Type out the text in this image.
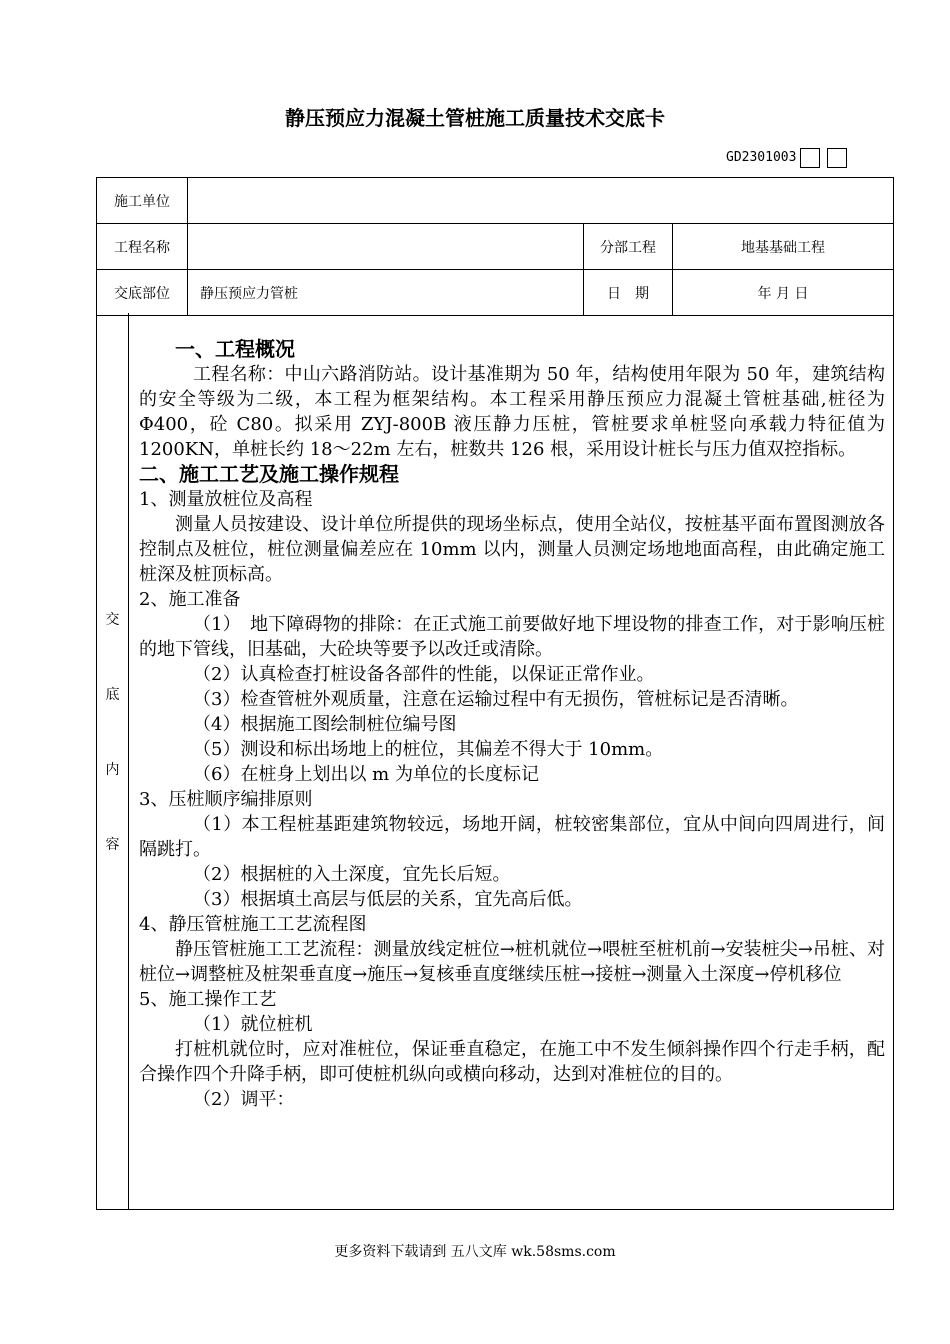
静压预应力混凝土管桩施工质量技术交底卡
GD2301003
施工单位			
工程名称		分部工程	地基基础工程
交底部位	静压预应力管桩	日　期	年 月 日
交
底
内
容

一、工程概况

工程名称：中山六路消防站。设计基准期为 50 年，结构使用年限为 50 年，建筑结构的安全等级为二级，本工程为框架结构。本工程采用静压预应力混凝土管桩基础,桩径为 Φ400，砼 C80。拟采用 ZYJ-800B 液压静力压桩，管桩要求单桩竖向承载力特征值为 1200KN，单桩长约 18～22m 左右，桩数共 126 根，采用设计桩长与压力值双控指标。

二、施工工艺及施工操作规程

1、测量放桩位及高程

测量人员按建设、设计单位所提供的现场坐标点，使用全站仪，按桩基平面布置图测放各控制点及桩位，桩位测量偏差应在 10mm 以内，测量人员测定场地地面高程，由此确定施工桩深及桩顶标高。

2、施工准备

（1）　地下障碍物的排除：在正式施工前要做好地下埋设物的排查工作，对于影响压桩的地下管线，旧基础，大砼块等要予以改迁或清除。

（2）认真检查打桩设备各部件的性能，以保证正常作业。

（3）检查管桩外观质量，注意在运输过程中有无损伤，管桩标记是否清晰。

（4）根据施工图绘制桩位编号图

（5）测设和标出场地上的桩位，其偏差不得大于 10mm。

（6）在桩身上划出以 m 为单位的长度标记

3、压桩顺序编排原则

（1）本工程桩基距建筑物较远，场地开阔，桩较密集部位，宜从中间向四周进行，间隔跳打。

（2）根据桩的入土深度，宜先长后短。

（3）根据填土高层与低层的关系，宜先高后低。

4、静压管桩施工工艺流程图

静压管桩施工工艺流程：测量放线定桩位→桩机就位→喂桩至桩机前→安装桩尖→吊桩、对桩位→调整桩及桩架垂直度→施压→复核垂直度继续压桩→接桩→测量入土深度→停机移位

5、施工操作工艺

（1）就位桩机

打桩机就位时，应对准桩位，保证垂直稳定，在施工中不发生倾斜操作四个行走手柄，配合操作四个升降手柄，即可使桩机纵向或横向移动，达到对准桩位的目的。

（2）调平：

更多资料下载请到 五八文库 wk.58sms.com
